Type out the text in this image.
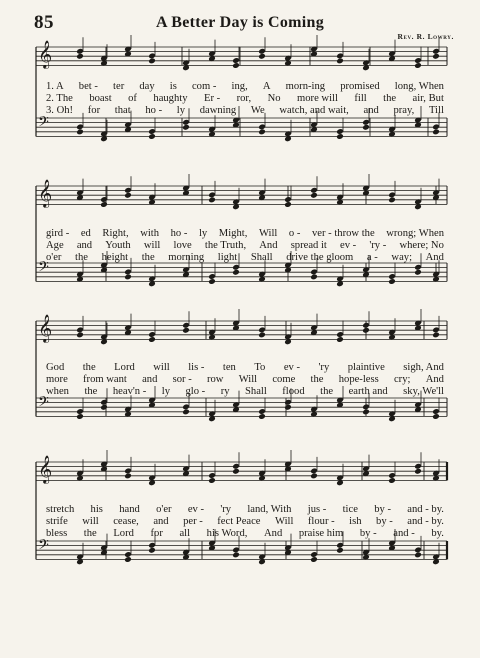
85	A Better Day is Coming
Rev. R. Lowry.
𝄞
𝄞
𝄞
𝄞
𝄢
𝄢
𝄢
𝄢
1. A bet - ter day is com - ing, A morn-ing promised long, When
2. The boast of haughty Er - ror, No more will fill the air, But
3. Oh! for that ho - ly dawning We watch, and wait, and pray, Till
gird - ed Right, with ho - ly Might, Will o - ver - throw the wrong; When
Age and Youth will love the Truth, And spread it ev - 'ry - where; No
o'er the height the morning light Shall drive the gloom a - way; And
God the Lord will lis - ten To ev - 'ry plaintive sigh, And
more from want and sor - row Will come the hope-less cry; And
when the heav'n - ly glo - ry Shall flood the earth and sky, We'll
stretch his hand o'er ev - 'ry land, With jus - tice by - and - by.
strife will cease, and per - fect Peace Will flour - ish by - and - by.
bless the Lord for all his Word, And praise him by - and - by.
